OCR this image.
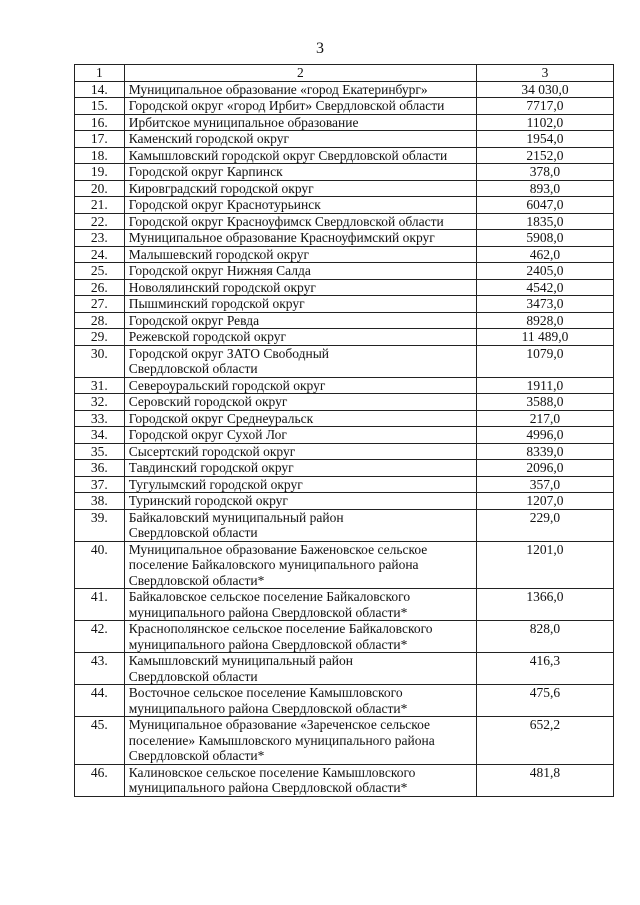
3
1	2	3
14.	Муниципальное образование «город Екатеринбург»	34 030,0
15.	Городской округ «город Ирбит» Свердловской области	7717,0
16.	Ирбитское муниципальное образование	1102,0
17.	Каменский городской округ	1954,0
18.	Камышловский городской округ Свердловской области	2152,0
19.	Городской округ Карпинск	378,0
20.	Кировградский городской округ	893,0
21.	Городской округ Краснотурьинск	6047,0
22.	Городской округ Красноуфимск Свердловской области	1835,0
23.	Муниципальное образование Красноуфимский округ	5908,0
24.	Малышевский городской округ	462,0
25.	Городской округ Нижняя Салда	2405,0
26.	Новолялинский городской округ	4542,0
27.	Пышминский городской округ	3473,0
28.	Городской округ Ревда	8928,0
29.	Режевской городской округ	11 489,0
30.	Городской округ ЗАТО Свободный
Свердловской области	1079,0
31.	Североуральский городской округ	1911,0
32.	Серовский городской округ	3588,0
33.	Городской округ Среднеуральск	217,0
34.	Городской округ Сухой Лог	4996,0
35.	Сысертский городской округ	8339,0
36.	Тавдинский городской округ	2096,0
37.	Тугулымский городской округ	357,0
38.	Туринский городской округ	1207,0
39.	Байкаловский муниципальный район
Свердловской области	229,0
40.	Муниципальное образование Баженовское сельское
поселение Байкаловского муниципального района
Свердловской области*	1201,0
41.	Байкаловское сельское поселение Байкаловского
муниципального района Свердловской области*	1366,0
42.	Краснополянское сельское поселение Байкаловского
муниципального района Свердловской области*	828,0
43.	Камышловский муниципальный район
Свердловской области	416,3
44.	Восточное сельское поселение Камышловского
муниципального района Свердловской области*	475,6
45.	Муниципальное образование «Зареченское сельское
поселение» Камышловского муниципального района
Свердловской области*	652,2
46.	Калиновское сельское поселение Камышловского
муниципального района Свердловской области*	481,8
